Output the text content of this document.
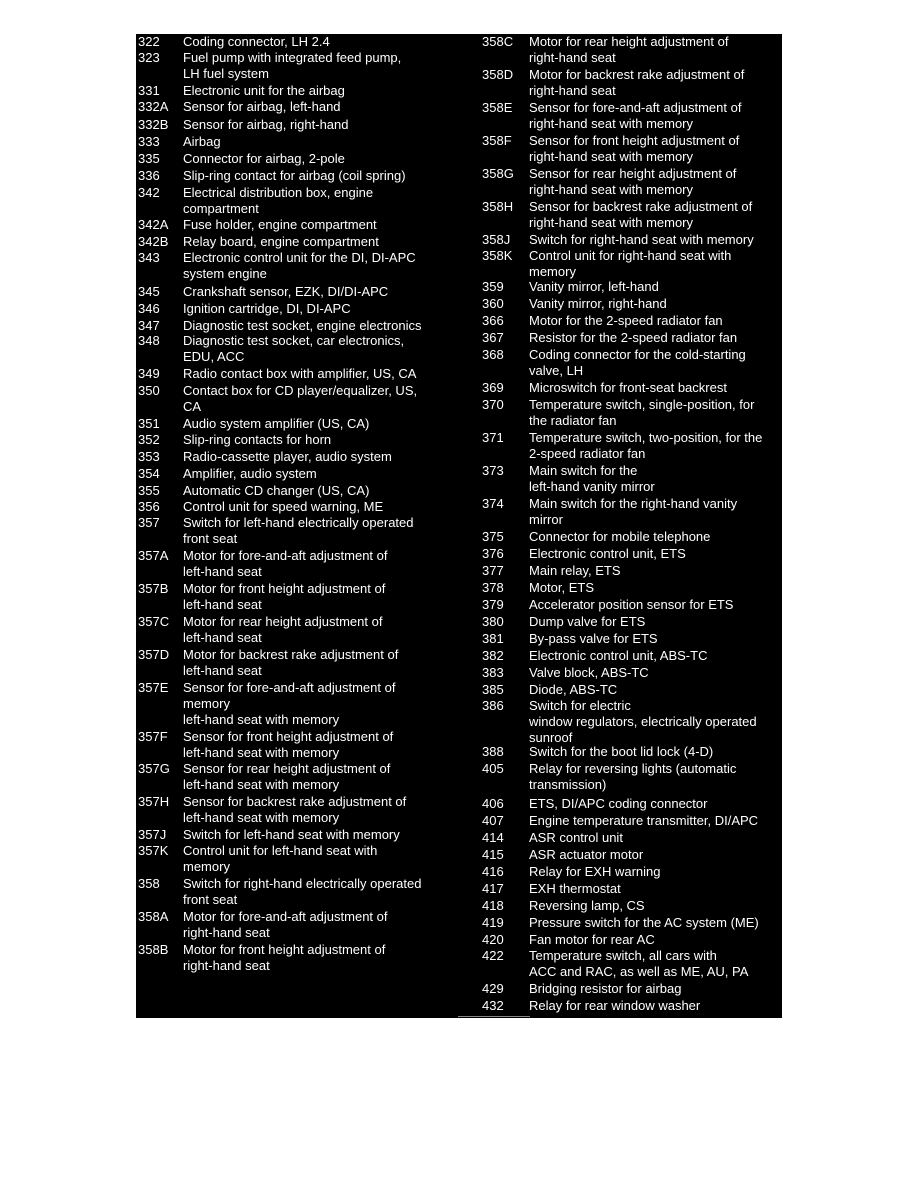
322 Coding connector, LH 2.4
323 Fuel pump with integrated feed pump,
LH fuel system
331 Electronic unit for the airbag
332A Sensor for airbag, left-hand
332B Sensor for airbag, right-hand
333 Airbag
335 Connector for airbag, 2-pole
336 Slip-ring contact for airbag (coil spring)
342 Electrical distribution box, engine
compartment
342A Fuse holder, engine compartment
342B Relay board, engine compartment
343 Electronic control unit for the DI, DI-APC
system engine
345 Crankshaft sensor, EZK, DI/DI-APC
346 Ignition cartridge, DI, DI-APC
347 Diagnostic test socket, engine electronics
348 Diagnostic test socket, car electronics,
EDU, ACC
349 Radio contact box with amplifier, US, CA
350 Contact box for CD player/equalizer, US,
CA
351 Audio system amplifier (US, CA)
352 Slip-ring contacts for horn
353 Radio-cassette player, audio system
354 Amplifier, audio system
355 Automatic CD changer (US, CA)
356 Control unit for speed warning, ME
357 Switch for left-hand electrically operated
front seat
357A Motor for fore-and-aft adjustment of
left-hand seat
357B Motor for front height adjustment of
left-hand seat
357C Motor for rear height adjustment of
left-hand seat
357D Motor for backrest rake adjustment of
left-hand seat
357E Sensor for fore-and-aft adjustment of
memory
left-hand seat with memory
357F Sensor for front height adjustment of
left-hand seat with memory
357G Sensor for rear height adjustment of
left-hand seat with memory
357H Sensor for backrest rake adjustment of
left-hand seat with memory
357J Switch for left-hand seat with memory
357K Control unit for left-hand seat with
memory
358 Switch for right-hand electrically operated
front seat
358A Motor for fore-and-aft adjustment of
right-hand seat
358B Motor for front height adjustment of
right-hand seat
358C Motor for rear height adjustment of
right-hand seat
358D Motor for backrest rake adjustment of
right-hand seat
358E Sensor for fore-and-aft adjustment of
right-hand seat with memory
358F Sensor for front height adjustment of
right-hand seat with memory
358G Sensor for rear height adjustment of
right-hand seat with memory
358H Sensor for backrest rake adjustment of
right-hand seat with memory
358J Switch for right-hand seat with memory
358K Control unit for right-hand seat with
memory
359 Vanity mirror, left-hand
360 Vanity mirror, right-hand
366 Motor for the 2-speed radiator fan
367 Resistor for the 2-speed radiator fan
368 Coding connector for the cold-starting
valve, LH
369 Microswitch for front-seat backrest
370 Temperature switch, single-position, for
the radiator fan
371 Temperature switch, two-position, for the
2-speed radiator fan
373 Main switch for the
left-hand vanity mirror
374 Main switch for the right-hand vanity
mirror
375 Connector for mobile telephone
376 Electronic control unit, ETS
377 Main relay, ETS
378 Motor, ETS
379 Accelerator position sensor for ETS
380 Dump valve for ETS
381 By-pass valve for ETS
382 Electronic control unit, ABS-TC
383 Valve block, ABS-TC
385 Diode, ABS-TC
386 Switch for electric
window regulators, electrically operated
sunroof
388 Switch for the boot lid lock (4-D)
405 Relay for reversing lights (automatic
transmission)
406 ETS, DI/APC coding connector
407 Engine temperature transmitter, DI/APC
414 ASR control unit
415 ASR actuator motor
416 Relay for EXH warning
417 EXH thermostat
418 Reversing lamp, CS
419 Pressure switch for the AC system (ME)
420 Fan motor for rear AC
422 Temperature switch, all cars with
ACC and RAC, as well as ME, AU, PA
429 Bridging resistor for airbag
432 Relay for rear window washer
